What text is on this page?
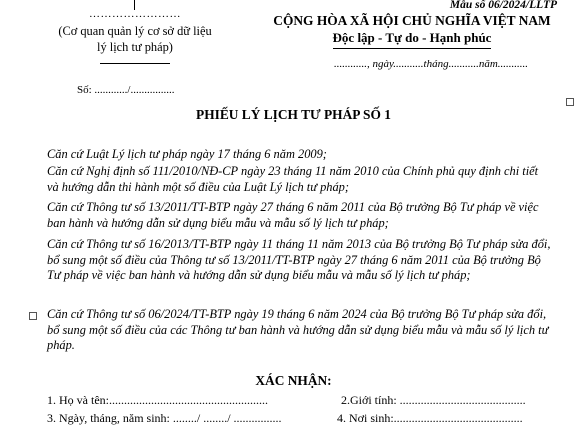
……………………
(Cơ quan quản lý cơ sở dữ liệu
lý lịch tư pháp)
Mẫu số 06/2024/LLTP
CỘNG HÒA XÃ HỘI CHỦ NGHĨA VIỆT NAM
Độc lập - Tự do - Hạnh phúc
............, ngày...........tháng...........năm...........
Số: ............/................
PHIẾU LÝ LỊCH TƯ PHÁP SỐ 1
Căn cứ Luật Lý lịch tư pháp ngày 17 tháng 6 năm 2009;
Căn cứ Nghị định số 111/2010/NĐ-CP ngày 23 tháng 11 năm 2010 của Chính phủ quy định chi tiết và hướng dẫn thi hành một số điều của Luật Lý lịch tư pháp;
Căn cứ Thông tư số 13/2011/TT-BTP ngày 27 tháng 6 năm 2011 của Bộ trưởng Bộ Tư pháp về việc ban hành và hướng dẫn sử dụng biểu mẫu và mẫu số lý lịch tư pháp;
Căn cứ Thông tư số 16/2013/TT-BTP ngày 11 tháng 11 năm 2013 của Bộ trưởng Bộ Tư pháp sửa đổi, bổ sung một số điều của Thông tư số 13/2011/TT-BTP ngày 27 tháng 6 năm 2011 của Bộ trưởng Bộ Tư pháp về việc ban hành và hướng dẫn sử dụng biểu mẫu và mẫu số lý lịch tư pháp;
Căn cứ Thông tư số 06/2024/TT-BTP ngày 19 tháng 6 năm 2024 của Bộ trưởng Bộ Tư pháp sửa đổi, bổ sung một số điều của các Thông tư ban hành và hướng dẫn sử dụng biểu mẫu và mẫu số lý lịch tư pháp.
XÁC NHẬN:
1. Họ và tên:.....................................................	2.Giới tính: ..........................................
3. Ngày, tháng, năm sinh: ......../ ......../ ................	4. Nơi sinh:...........................................
